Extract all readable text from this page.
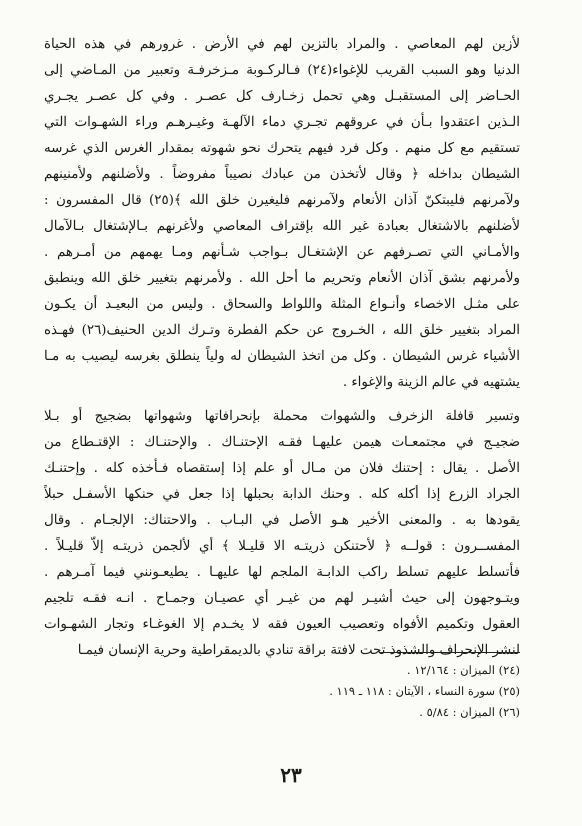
لأزين لهم المعاصي . والمراد بالتزين لهم في الأرض . غرورهم في هذه الحياة
الدنيا وهو السبب القريب للإغواء(٢٤) فـالركـوبة مـزخرفـة وتعبير من المـاضي إلى
الحـاضر إلى المستقبـل وهي تحمل زخـارف كل عصـر . وفي كل عصـر يجـري
الـذين اعتقدوا بـأن في عروقهم تجـري دماء الآلهـة وغيـرهـم وراء الشهـوات التي
تستقيم مع كل منهم . وكل فرد فيهم يتحرك نحو شهوته بمقدار الغرس الذي غرسه
الشيطان بداخله ﴿ وقال لأتخذن من عبادك نصيباً مفروضاً . ولأضلنهم ولأمنينهم
ولآمرنهم فليبتكنّ آذان الأنعام ولآمرنهم فليغيرن خلق الله ﴾(٢٥) قال المفسرون :
لأضلنهم بالاشتغال بعبادة غير الله بإقتراف المعاصي ولأغرنهم بـالإشتغال بـالآمال
والأمـاني التي تصـرفهم عن الإشتغـال بـواجب شـأنهم ومـا يهمهم من أمـرهم .
ولأمرنهم بشق آذان الأنعام وتحريم ما أحل الله . ولأمرنهم بتغيير خلق الله وينطبق
على مثـل الاخصاء وأنـواع المثلة واللواط والسحاق . وليس من البعيـد أن يكـون
المراد بتغيير خلق الله ، الخـروج عن حكم الفطرة وتـرك الدين الحنيف(٢٦) فهـذه
الأشياء غرس الشيطان . وكل من اتخذ الشيطان له ولياً ينطلق بغرسه ليصيب به مـا
يشتهيه في عالم الزينة والإغواء .

وتسير قافلة الزخرف والشهوات محملة بإنحرافاتها وشهواتها بضجيج أو بـلا
ضجيـج في مجتمعـات هيمن عليهـا فقـه الإحتنـاك . والإحتنـاك : الإقتـطاع من
الأصل . يقال : إحتنك فلان من مـال أو علم إذا إستقصاه فـأخذه كله . وإحتنـك
الجراد الزرع إذا أكله كله . وحنك الدابة بحبلها إذا جعل في حنكها الأسفـل حبلاً
يقودها به . والمعنى الأخير هـو الأصل في البـاب . والاحتناك: الإلجـام . وقال
المفســرون : قولــه ﴿ لأحتنكن ذريتـه الا قليـلا ﴾ أي لألجمن ذريتـه إلاّ قليـلاً .
فأتسلط عليهم تسلط راكب الدابـة الملجم لها عليهـا . يطيعـونني فيما آمـرهم .
ويتـوجهون إلى حيث أشيـر لهم من غيـر أي عصيـان وجمـاح . انـه فقـه تلجيم
العقول وتكميم الأفواه وتعصيب العيون فقه لا يخـدم إلا الغوغـاء وتجار الشهـوات
لنشر الإنحراف والشذوذ تحت لافتة براقة تنادي بالديمقراطية وحرية الإنسان فيمـا

(٢٤) الميزان : ١٢/١٦٤ .
(٢٥) سورة النساء ، الآيتان : ١١٨ ـ ١١٩ .
(٢٦) الميزان : ٥/٨٤ .
٢٣
